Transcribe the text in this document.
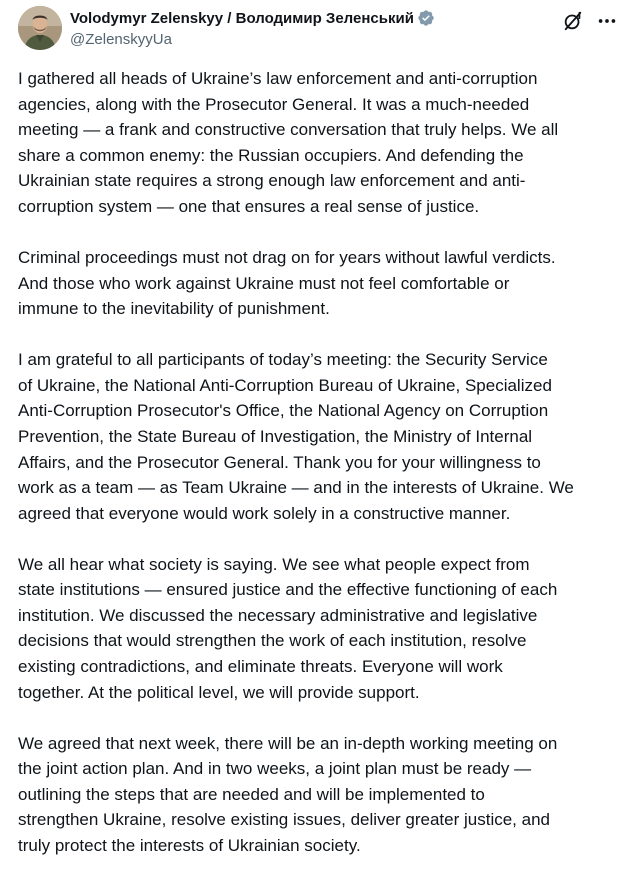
Volodymyr Zelenskyy / Володимир Зеленський
@ZelenskyyUa

I gathered all heads of Ukraine’s law enforcement and anti-corruption
agencies, along with the Prosecutor General. It was a much-needed
meeting — a frank and constructive conversation that truly helps. We all
share a common enemy: the Russian occupiers. And defending the
Ukrainian state requires a strong enough law enforcement and anti-
corruption system — one that ensures a real sense of justice.

Criminal proceedings must not drag on for years without lawful verdicts.
And those who work against Ukraine must not feel comfortable or
immune to the inevitability of punishment.

I am grateful to all participants of today’s meeting: the Security Service
of Ukraine, the National Anti-Corruption Bureau of Ukraine, Specialized
Anti-Corruption Prosecutor's Office, the National Agency on Corruption
Prevention, the State Bureau of Investigation, the Ministry of Internal
Affairs, and the Prosecutor General. Thank you for your willingness to
work as a team — as Team Ukraine — and in the interests of Ukraine. We
agreed that everyone would work solely in a constructive manner.

We all hear what society is saying. We see what people expect from
state institutions — ensured justice and the effective functioning of each
institution. We discussed the necessary administrative and legislative
decisions that would strengthen the work of each institution, resolve
existing contradictions, and eliminate threats. Everyone will work
together. At the political level, we will provide support.

We agreed that next week, there will be an in-depth working meeting on
the joint action plan. And in two weeks, a joint plan must be ready —
outlining the steps that are needed and will be implemented to
strengthen Ukraine, resolve existing issues, deliver greater justice, and
truly protect the interests of Ukrainian society.
